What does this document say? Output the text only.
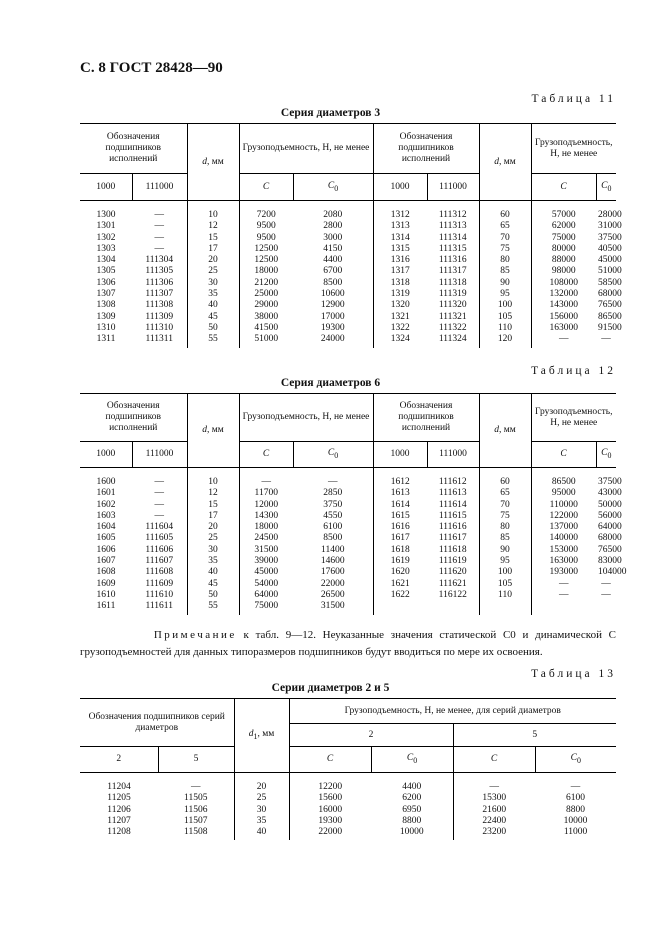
С. 8 ГОСТ 28428—90
Таблица 11
Серия диаметров 3
Обозначения подшипников исполнений		d, мм	Грузоподъемность, Н, не менее		Обозначения подшипников исполнений		d, мм	Грузоподъемность, Н, не менее	
1000	111000		C	$C_0$	1000	111000		C	$C_0$
1300	—	10	7200	2080	1312	111312	60	57000	28000
1301	—	12	9500	2800	1313	111313	65	62000	31000
1302	—	15	9500	3000	1314	111314	70	75000	37500
1303	—	17	12500	4150	1315	111315	75	80000	40500
1304	111304	20	12500	4400	1316	111316	80	88000	45000
1305	111305	25	18000	6700	1317	111317	85	98000	51000
1306	111306	30	21200	8500	1318	111318	90	108000	58500
1307	111307	35	25000	10600	1319	111319	95	132000	68000
1308	111308	40	29000	12900	1320	111320	100	143000	76500
1309	111309	45	38000	17000	1321	111321	105	156000	86500
1310	111310	50	41500	19300	1322	111322	110	163000	91500
1311	111311	55	51000	24000	1324	111324	120	—	—
Таблица 12
Серия диаметров 6
Обозначения подшипников исполнений		d, мм	Грузоподъемность, Н, не менее		Обозначения подшипников исполнений		d, мм	Грузоподъемность, Н, не менее	
1000	111000		C	$C_0$	1000	111000		C	$C_0$
1600	—	10	—	—	1612	111612	60	86500	37500
1601	—	12	11700	2850	1613	111613	65	95000	43000
1602	—	15	12000	3750	1614	111614	70	110000	50000
1603	—	17	14300	4550	1615	111615	75	122000	56000
1604	111604	20	18000	6100	1616	111616	80	137000	64000
1605	111605	25	24500	8500	1617	111617	85	140000	68000
1606	111606	30	31500	11400	1618	111618	90	153000	76500
1607	111607	35	39000	14600	1619	111619	95	163000	83000
1608	111608	40	45000	17600	1620	111620	100	193000	104000
1609	111609	45	54000	22000	1621	111621	105	—	—
1610	111610	50	64000	26500	1622	116122	110	—	—
1611	111611	55	75000	31500					
Примечание к табл. 9—12. Неуказанные значения статической C0 и динамической C грузоподъемностей для данных типоразмеров подшипников будут вводиться по мере их освоения.
Таблица 13
Серии диаметров 2 и 5
Обозначения подшипников серий диаметров		$d_1$, мм	Грузоподъемность, Н, не менее, для серий диаметров			
			2		5	
2	5		C	$C_0$	C	$C_0$
11204	—	20	12200	4400	—	—
11205	11505	25	15600	6200	15300	6100
11206	11506	30	16000	6950	21600	8800
11207	11507	35	19300	8800	22400	10000
11208	11508	40	22000	10000	23200	11000
